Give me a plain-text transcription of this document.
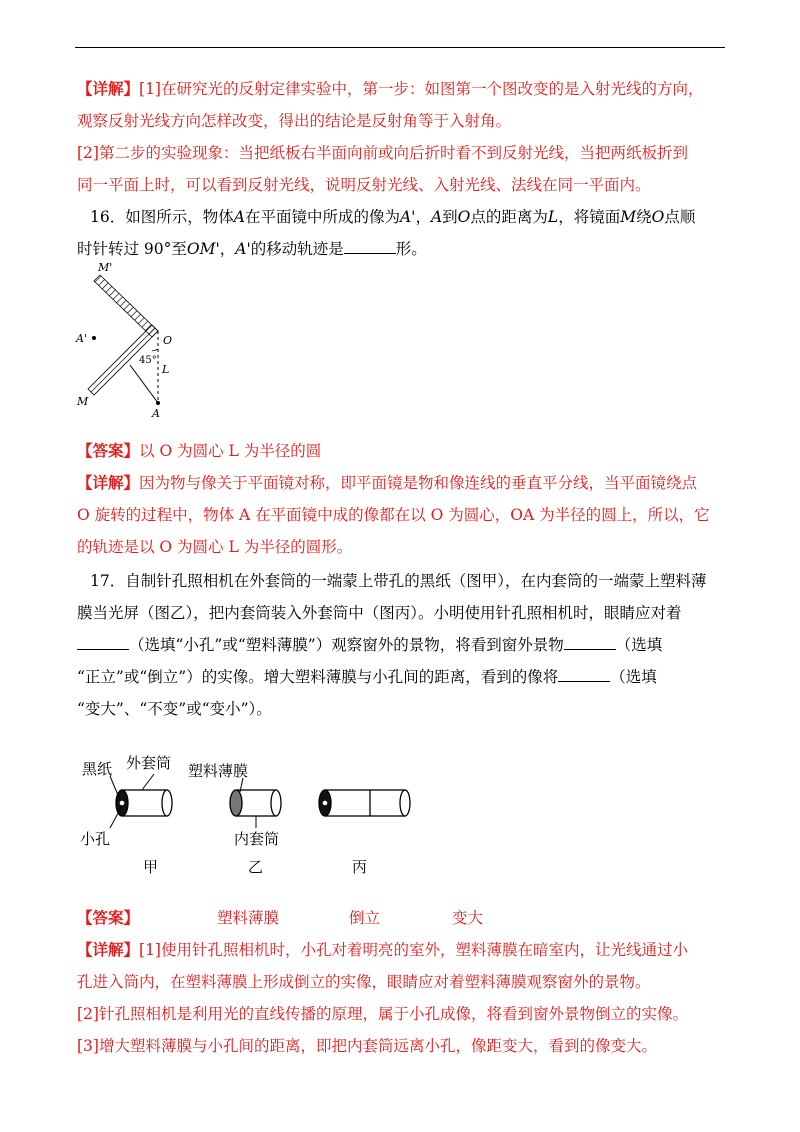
【详解】[1]在研究光的反射定律实验中，第一步：如图第一个图改变的是入射光线的方向，
观察反射光线方向怎样改变，得出的结论是反射角等于入射角。
[2]第二步的实验现象：当把纸板右半面向前或向后折时看不到反射光线，当把两纸板折到
同一平面上时，可以看到反射光线，说明反射光线、入射光线、法线在同一平面内。
16．如图所示，物体A在平面镜中所成的像为A'，A到O点的距离为L，将镜面M绕O点顺
时针转过 90°至OM'，A'的移动轨迹是	形。
M'
A'	O
L
M
A
45°
【答案】以 O 为圆心 L 为半径的圆
【详解】因为物与像关于平面镜对称，即平面镜是物和像连线的垂直平分线，当平面镜绕点
O 旋转的过程中，物体 A 在平面镜中成的像都在以 O 为圆心，OA 为半径的圆上，所以，它
的轨迹是以 O 为圆心 L 为半径的圆形。
17．自制针孔照相机在外套筒的一端蒙上带孔的黑纸（图甲），在内套筒的一端蒙上塑料薄
膜当光屏（图乙），把内套筒装入外套筒中（图丙）。小明使用针孔照相机时，眼睛应对着
（选填“小孔”或“塑料薄膜”）观察窗外的景物，将看到窗外景物	（选填
“正立”或“倒立”）的实像。增大塑料薄膜与小孔间的距离，看到的像将	（选填
“变大”、“不变”或“变小”）。
黑纸 外套筒 塑料薄膜
小孔	内套筒
甲	乙	丙
【答案】	塑料薄膜	倒立	变大
【详解】[1]使用针孔照相机时，小孔对着明亮的室外，塑料薄膜在暗室内，让光线通过小
孔进入筒内，在塑料薄膜上形成倒立的实像，眼睛应对着塑料薄膜观察窗外的景物。
[2]针孔照相机是利用光的直线传播的原理，属于小孔成像，将看到窗外景物倒立的实像。
[3]增大塑料薄膜与小孔间的距离，即把内套筒远离小孔，像距变大，看到的像变大。
